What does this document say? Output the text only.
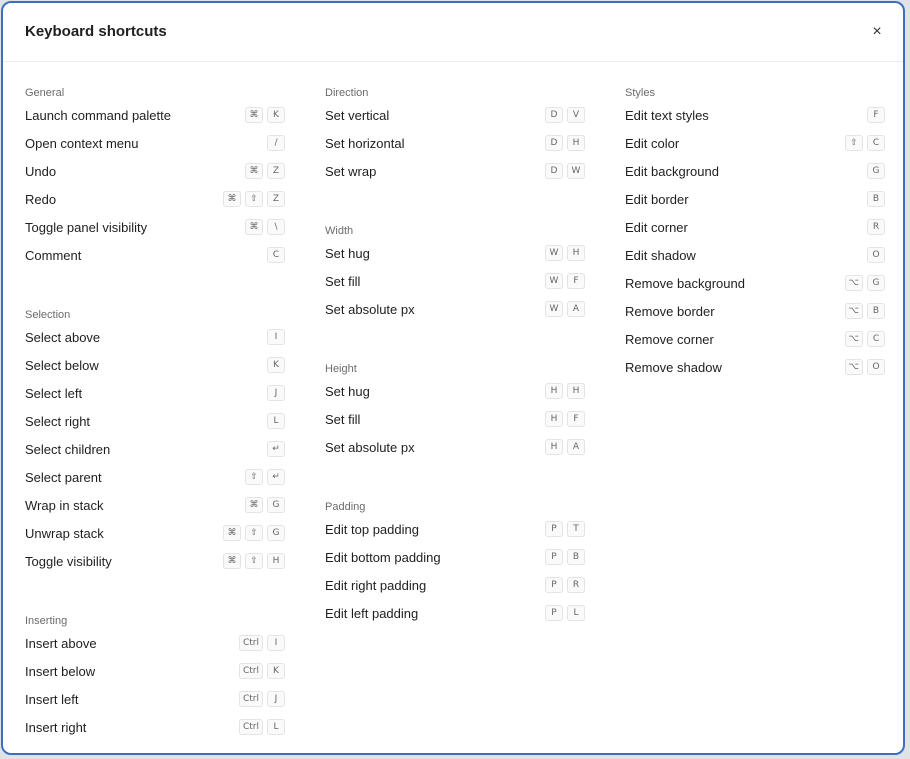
Keyboard shortcuts	×
General
Launch command palette	⌘	K
Open context menu	/
Undo	⌘	Z
Redo	⌘	⇧	Z
Toggle panel visibility	⌘	\
Comment	C
Selection
Select above	I
Select below	K
Select left	J
Select right	L
Select children	↵
Select parent	⇧	↵
Wrap in stack	⌘	G
Unwrap stack	⌘	⇧	G
Toggle visibility	⌘	⇧	H
Inserting
Insert above	Ctrl	I
Insert below	Ctrl	K
Insert left	Ctrl	J
Insert right	Ctrl	L
Direction
Set vertical	D	V
Set horizontal	D	H
Set wrap	D	W
Width
Set hug	W	H
Set fill	W	F
Set absolute px	W	A
Height
Set hug	H	H
Set fill	H	F
Set absolute px	H	A
Padding
Edit top padding	P	T
Edit bottom padding	P	B
Edit right padding	P	R
Edit left padding	P	L
Styles
Edit text styles	F
Edit color	⇧	C
Edit background	G
Edit border	B
Edit corner	R
Edit shadow	O
Remove background	⌥	G
Remove border	⌥	B
Remove corner	⌥	C
Remove shadow	⌥	O
